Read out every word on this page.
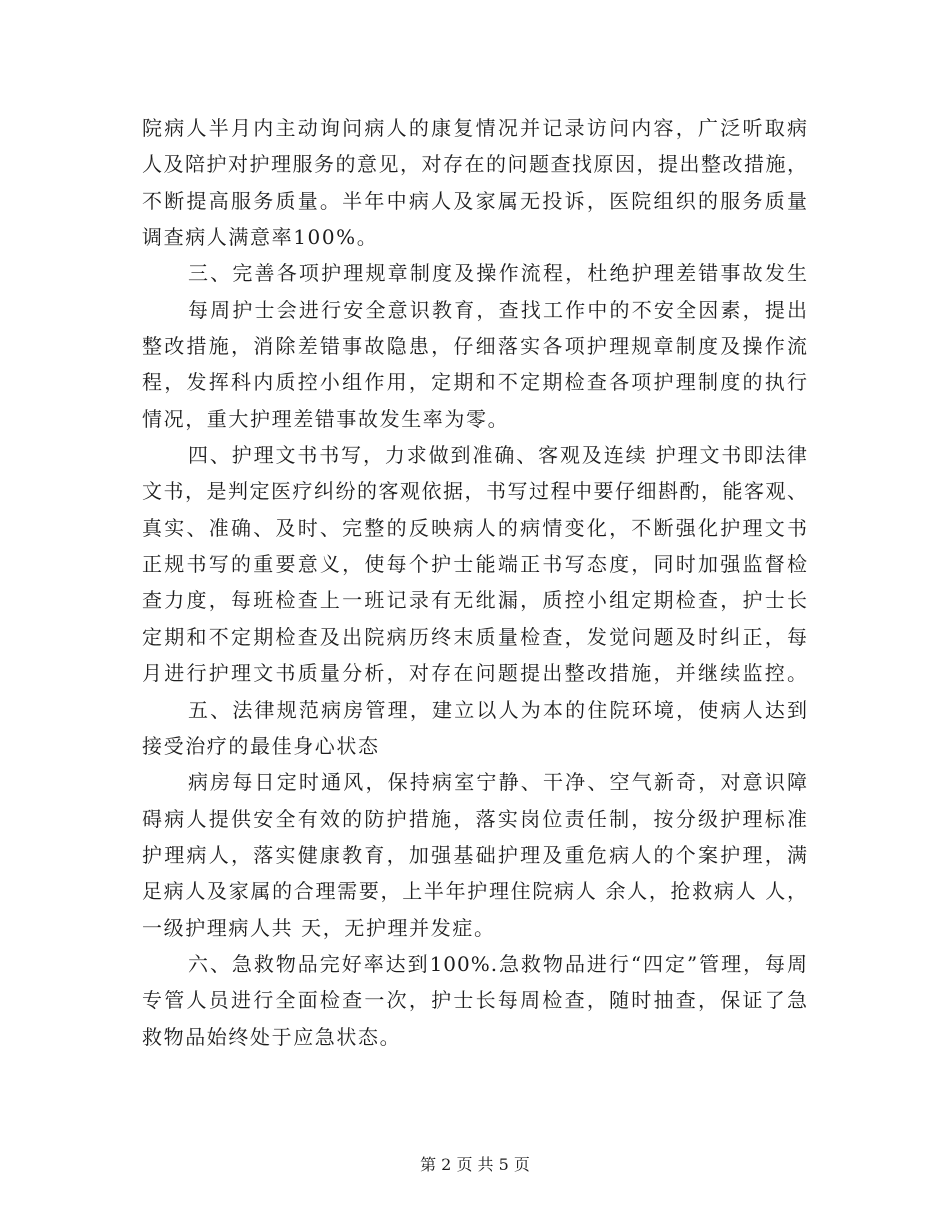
院病人半月内主动询问病人的康复情况并记录访问内容，广泛听取病
人及陪护对护理服务的意见，对存在的问题查找原因，提出整改措施，
不断提高服务质量。半年中病人及家属无投诉，医院组织的服务质量
调查病人满意率100%。
三、完善各项护理规章制度及操作流程，杜绝护理差错事故发生
每周护士会进行安全意识教育，查找工作中的不安全因素，提出
整改措施，消除差错事故隐患，仔细落实各项护理规章制度及操作流
程，发挥科内质控小组作用，定期和不定期检查各项护理制度的执行
情况，重大护理差错事故发生率为零。
四、护理文书书写，力求做到准确、客观及连续 护理文书即法律
文书，是判定医疗纠纷的客观依据，书写过程中要仔细斟酌，能客观、
真实、准确、及时、完整的反映病人的病情变化，不断强化护理文书
正规书写的重要意义，使每个护士能端正书写态度，同时加强监督检
查力度，每班检查上一班记录有无纰漏，质控小组定期检查，护士长
定期和不定期检查及出院病历终末质量检查，发觉问题及时纠正，每
月进行护理文书质量分析，对存在问题提出整改措施，并继续监控。
五、法律规范病房管理，建立以人为本的住院环境，使病人达到
接受治疗的最佳身心状态
病房每日定时通风，保持病室宁静、干净、空气新奇，对意识障
碍病人提供安全有效的防护措施，落实岗位责任制，按分级护理标准
护理病人，落实健康教育，加强基础护理及重危病人的个案护理，满
足病人及家属的合理需要，上半年护理住院病人 余人，抢救病人 人，
一级护理病人共 天，无护理并发症。
六、急救物品完好率达到100%.急救物品进行“四定”管理，每周
专管人员进行全面检查一次，护士长每周检查，随时抽查，保证了急
救物品始终处于应急状态。
第 2 页 共 5 页
